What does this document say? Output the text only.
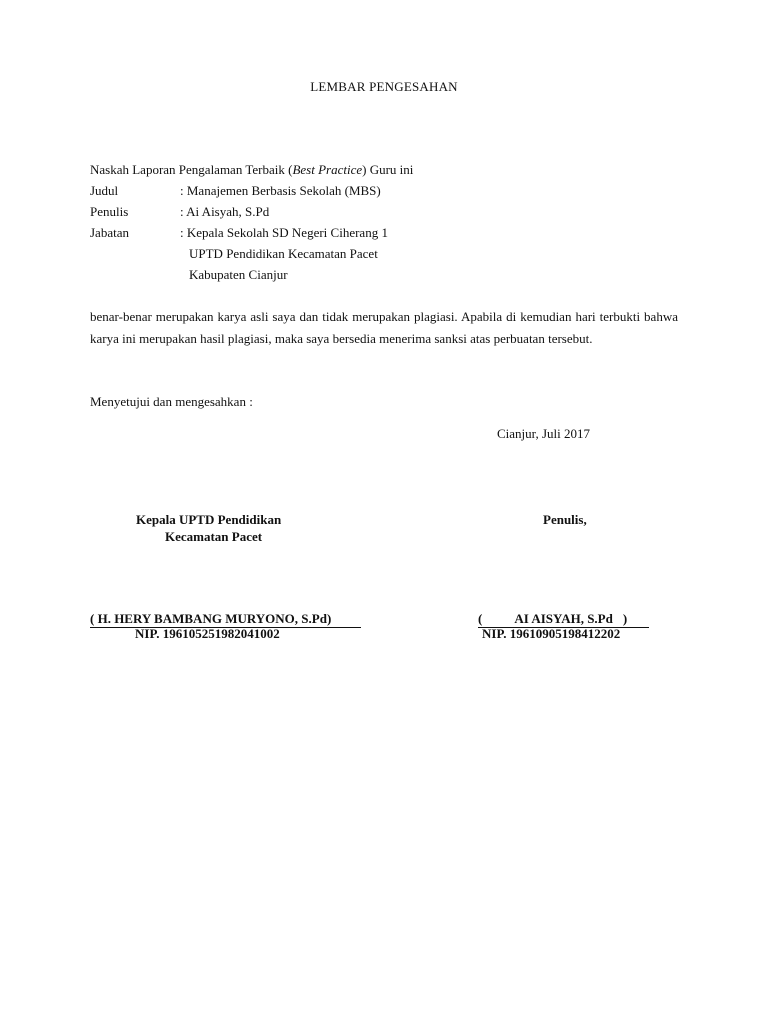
LEMBAR PENGESAHAN
Naskah Laporan Pengalaman Terbaik (Best Practice) Guru ini
Judul	: Manajemen Berbasis Sekolah (MBS)
Penulis	: Ai Aisyah, S.Pd
Jabatan	: Kepala Sekolah SD Negeri Ciherang 1
UPTD Pendidikan Kecamatan Pacet
Kabupaten Cianjur
benar-benar merupakan karya asli saya dan tidak merupakan plagiasi. Apabila di kemudian hari terbukti bahwa karya ini merupakan hasil plagiasi, maka saya bersedia menerima sanksi atas perbuatan tersebut.
Menyetujui dan mengesahkan :
Cianjur, Juli 2017
Kepala UPTD Pendidikan
Kecamatan Pacet
Penulis,
( H. HERY BAMBANG MURYONO, S.Pd)
NIP. 196105251982041002
( AI AISYAH, S.Pd )
NIP. 19610905198412202
